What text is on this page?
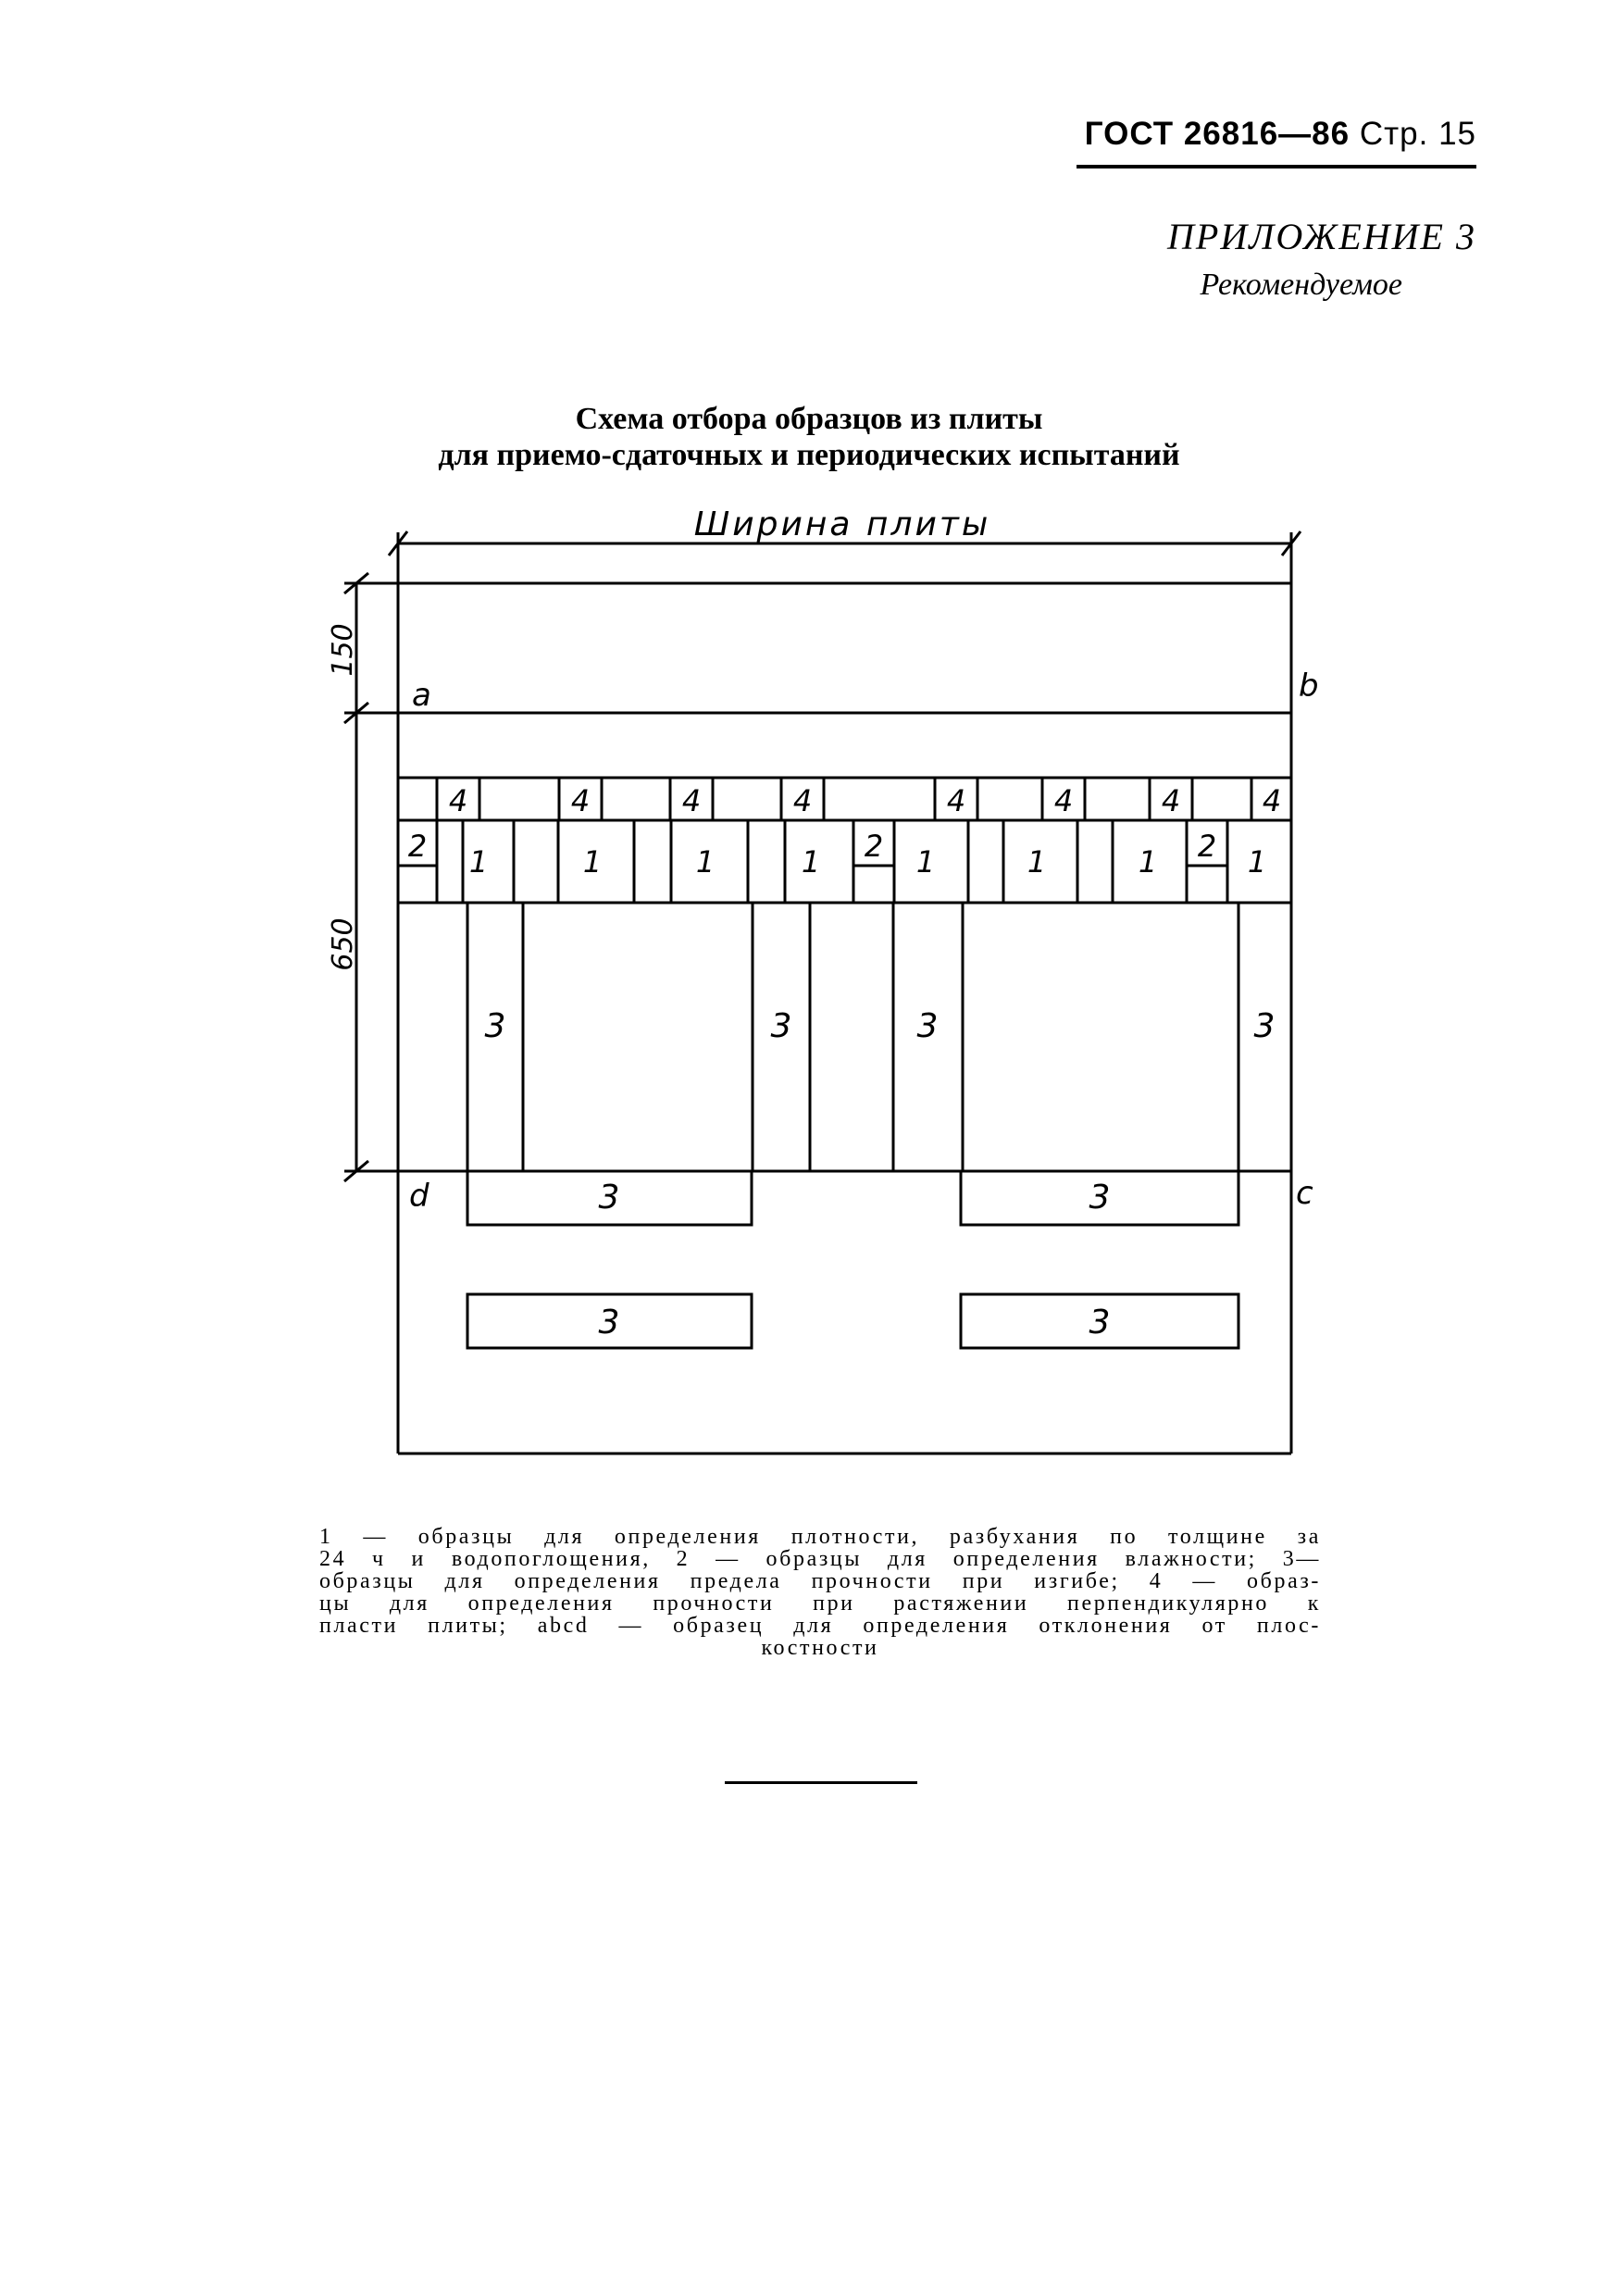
ГОСТ 26816—86 Стр. 15
ПРИЛОЖЕНИЕ 3
Рекомендуемое
Схема отбора образцов из плиты
для приемо-сдаточных и периодических испытаний
Ширина плиты
150
650
a	b
c
d
4	4	4	4	4	4	4	4
2	2	2
1	1	1	1	1	1	1	1
3	3	3	3
3	3
3	3
1 — образцы для определения плотности, разбухания по толщине за
24 ч и водопоглощения, 2 — образцы для определения влажности; 3—
образцы для определения предела прочности при изгибе; 4 — образ-
цы для определения прочности при растяжении перпендикулярно к
пласти плиты; abcd — образец для определения отклонения от плос-
костности
